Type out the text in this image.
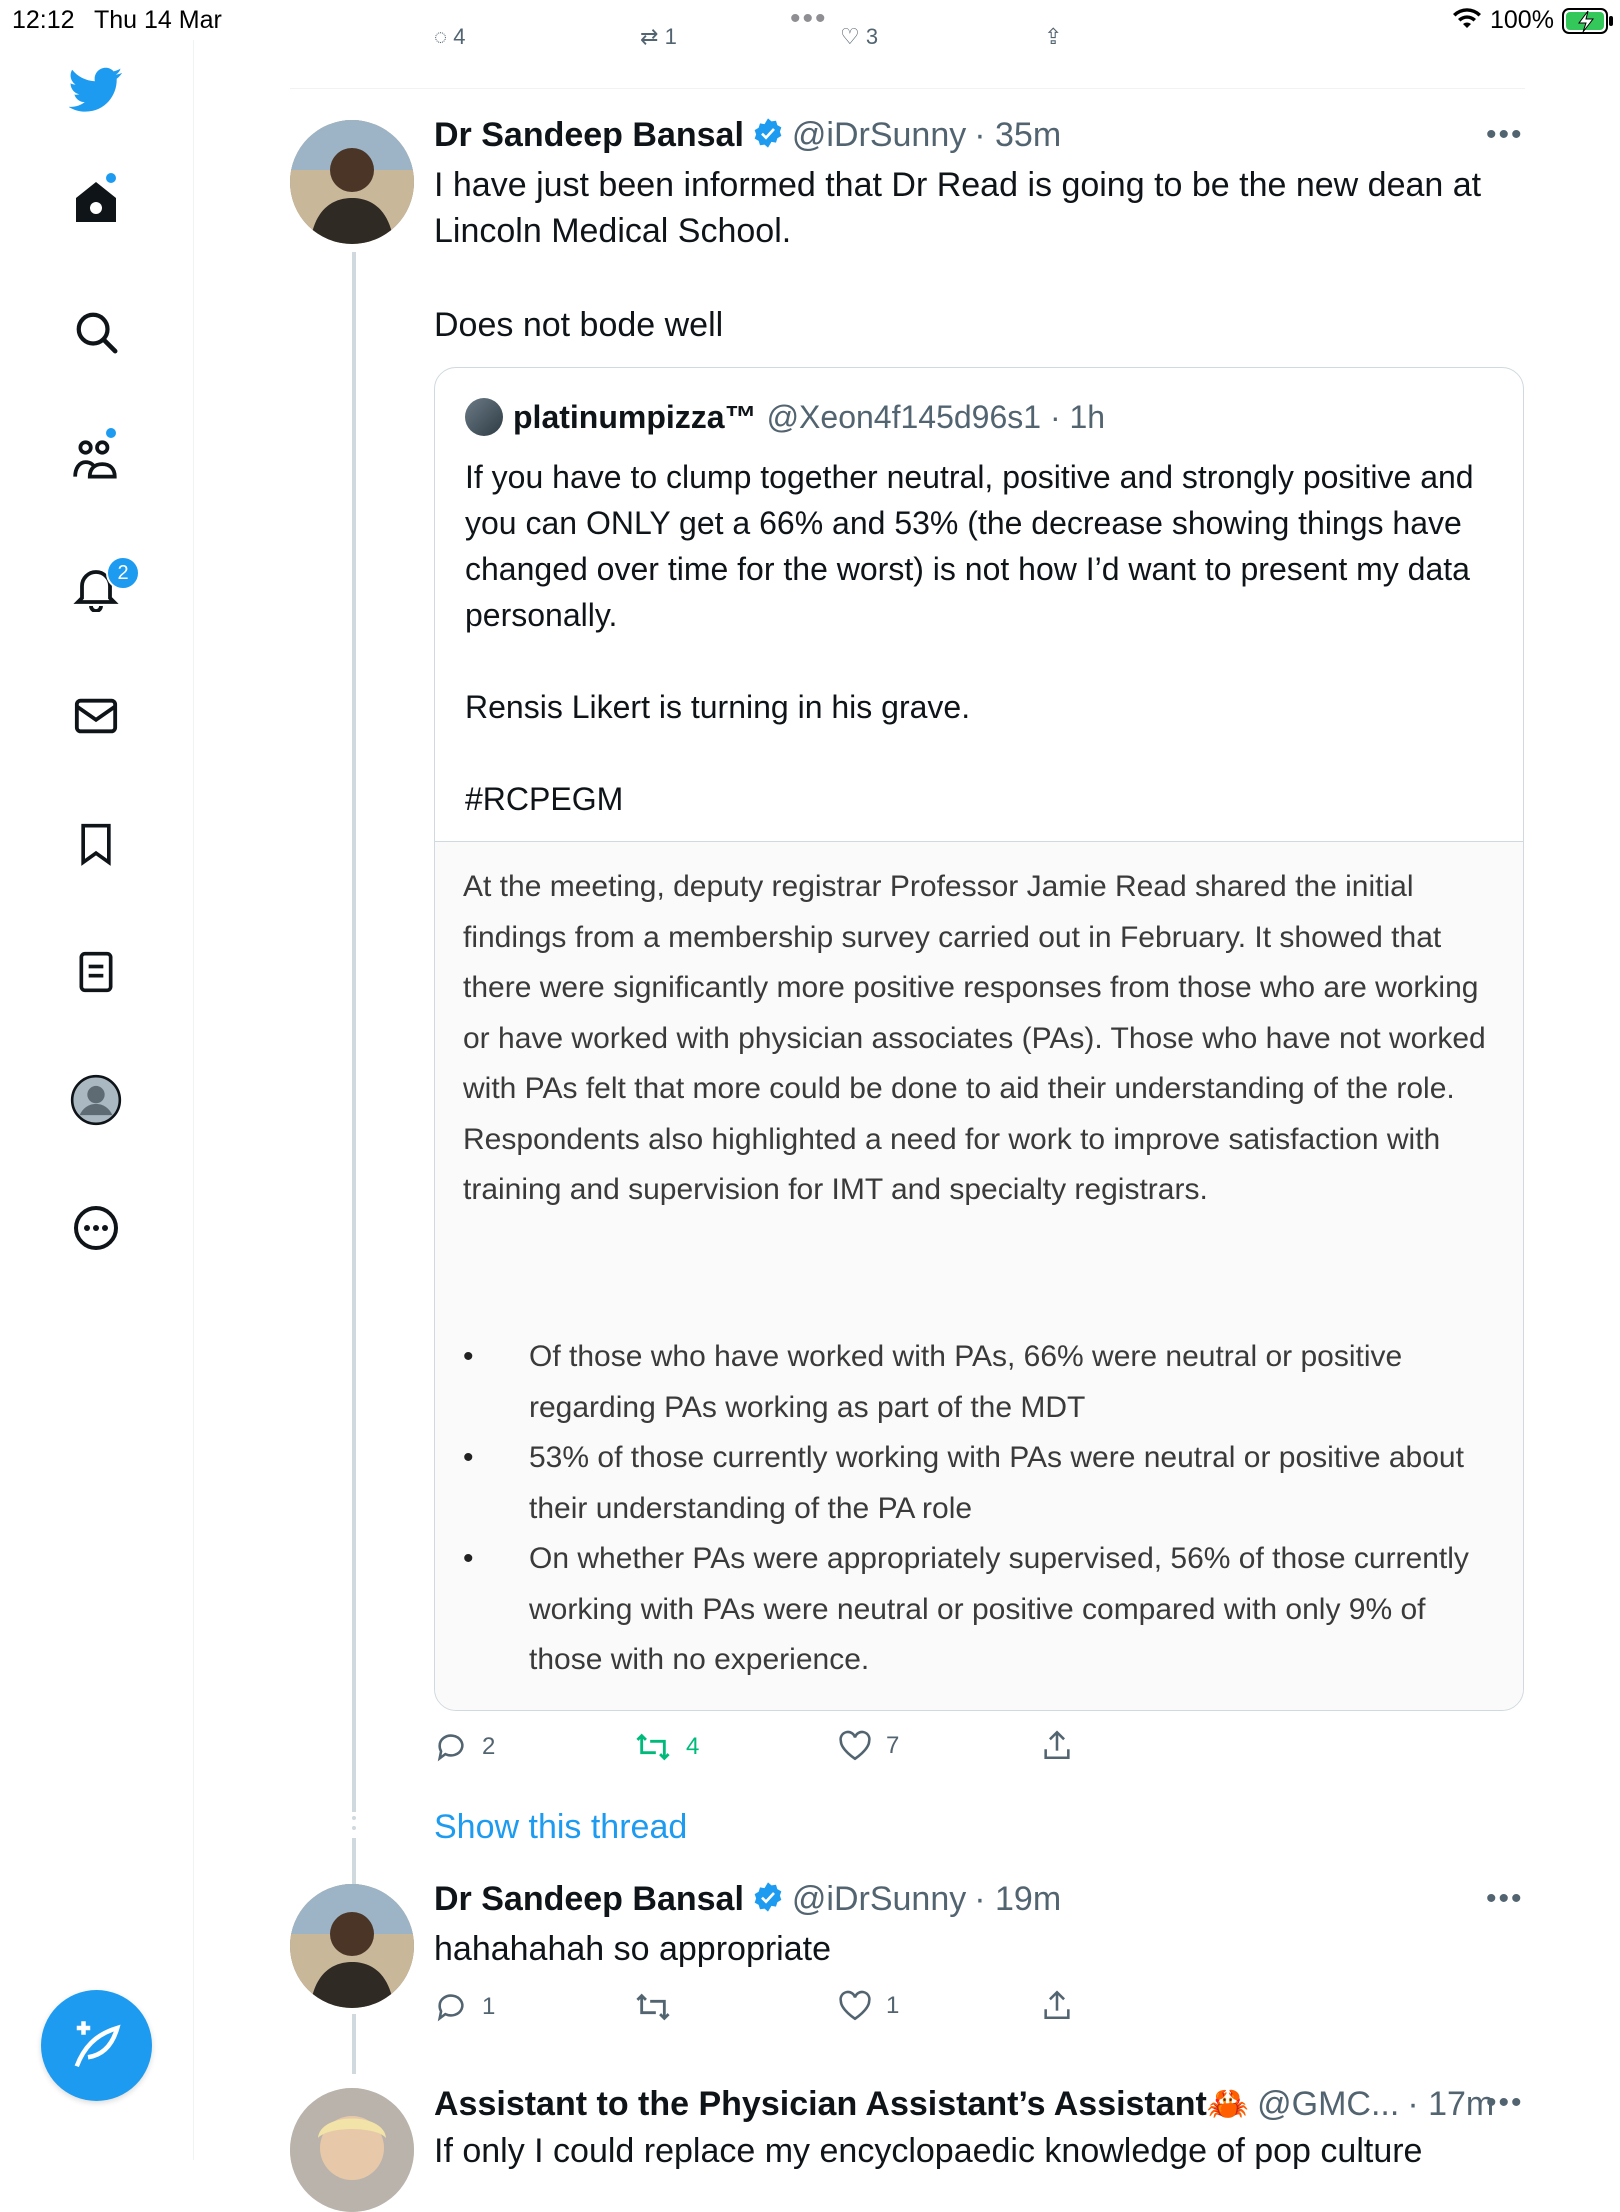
12:12 Thu 14 Mar	•••	100%
2
◌ 4	⇄ 1	♡ 3	⇪
Dr Sandeep Bansal @iDrSunny · 35m	•••
I have just been informed that Dr Read is going to be the new dean at Lincoln Medical School.
Does not bode well
platinumpizza™ @Xeon4f145d96s1 · 1h
If you have to clump together neutral, positive and strongly positive and you can ONLY get a 66% and 53% (the decrease showing things have changed over time for the worst) is not how I’d want to present my data personally.
Rensis Likert is turning in his grave.
#RCPEGM
At the meeting, deputy registrar Professor Jamie Read shared the initial findings from a membership survey carried out in February. It showed that there were significantly more positive responses from those who are working or have worked with physician associates (PAs). Those who have not worked with PAs felt that more could be done to aid their understanding of the role. Respondents also highlighted a need for work to improve satisfaction with training and supervision for IMT and specialty registrars.
• Of those who have worked with PAs, 66% were neutral or positive regarding PAs working as part of the MDT
• 53% of those currently working with PAs were neutral or positive about their understanding of the PA role
• On whether PAs were appropriately supervised, 56% of those currently working with PAs were neutral or positive compared with only 9% of those with no experience.
2	4	7
Show this thread
Dr Sandeep Bansal @iDrSunny · 19m	•••
hahahahah so appropriate
1	1
Assistant to the Physician Assistant’s Assistant🦀 @GMC... · 17m
•••
If only I could replace my encyclopaedic knowledge of pop culture
